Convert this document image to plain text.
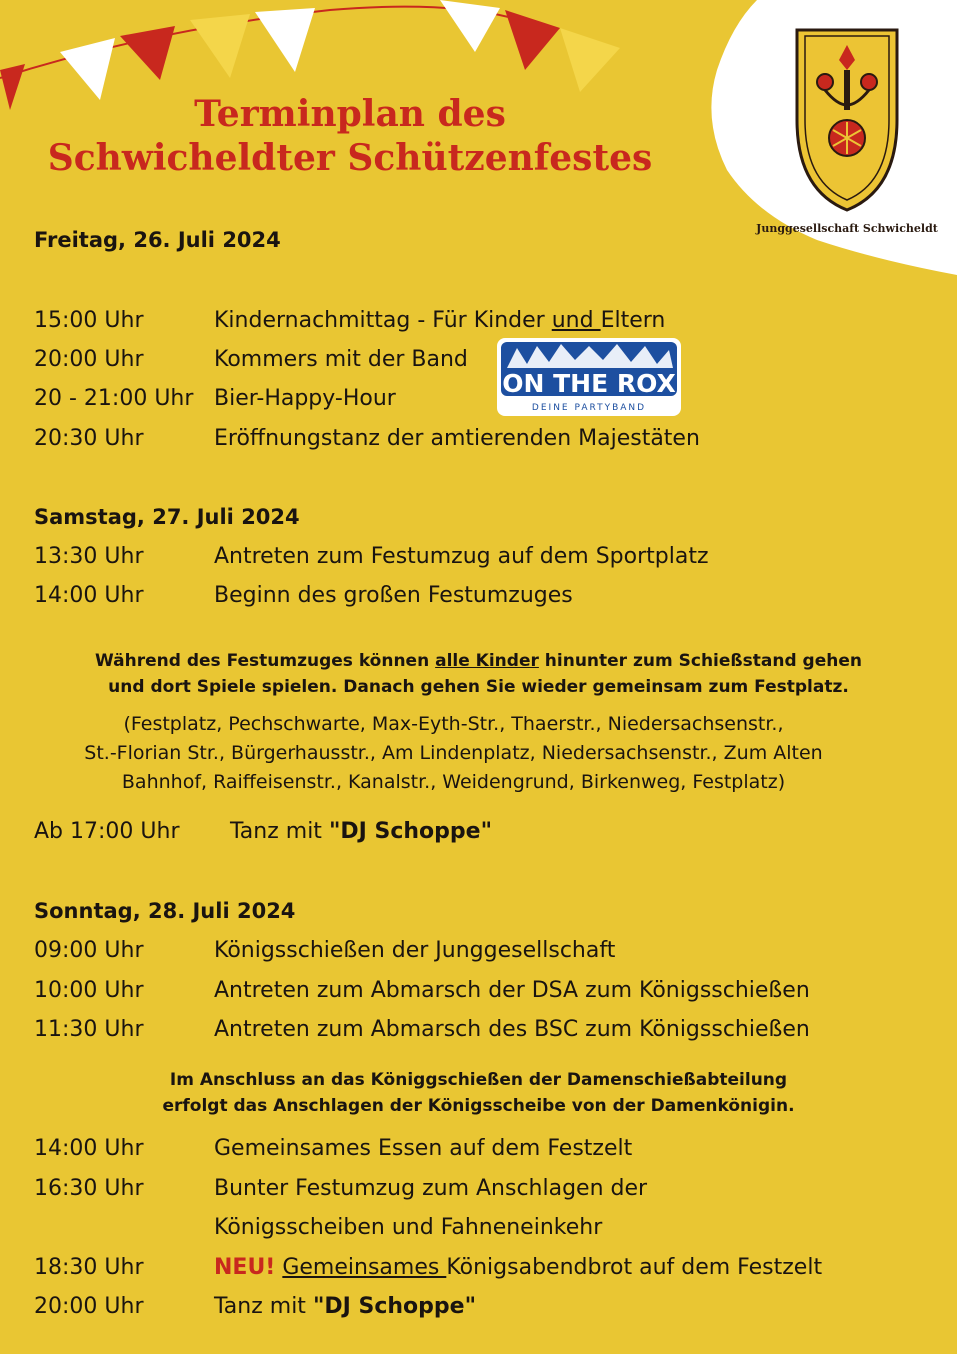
Junggesellschaft Schwicheldt
Terminplan des
Schwicheldter Schützenfestes
Freitag, 26. Juli 2024
15:00 Uhr	Kindernachmittag - Für Kinder und Eltern
20:00 Uhr	Kommers mit der Band
20 - 21:00 Uhr Bier-Happy-Hour
20:30 Uhr	Eröffnungstanz der amtierenden Majestäten
ON THE ROX
DEINE PARTYBAND
Samstag, 27. Juli 2024
13:30 Uhr	Antreten zum Festumzug auf dem Sportplatz
14:00 Uhr	Beginn des großen Festumzuges
Während des Festumzuges können alle Kinder hinunter zum Schießstand gehen
und dort Spiele spielen. Danach gehen Sie wieder gemeinsam zum Festplatz.
(Festplatz, Pechschwarte, Max-Eyth-Str., Thaerstr., Niedersachsenstr.,
St.-Florian Str., Bürgerhausstr., Am Lindenplatz, Niedersachsenstr., Zum Alten
Bahnhof, Raiffeisenstr., Kanalstr., Weidengrund, Birkenweg, Festplatz)
Ab 17:00 Uhr Tanz mit "DJ Schoppe"
Sonntag, 28. Juli 2024
09:00 Uhr	Königsschießen der Junggesellschaft
10:00 Uhr	Antreten zum Abmarsch der DSA zum Königsschießen
11:30 Uhr	Antreten zum Abmarsch des BSC zum Königsschießen
Im Anschluss an das Königgschießen der Damenschießabteilung
erfolgt das Anschlagen der Königsscheibe von der Damenkönigin.
14:00 Uhr	Gemeinsames Essen auf dem Festzelt
16:30 Uhr	Bunter Festumzug zum Anschlagen der
Königsscheiben und Fahneneinkehr
18:30 Uhr	NEU! Gemeinsames Königsabendbrot auf dem Festzelt
20:00 Uhr	Tanz mit "DJ Schoppe"
